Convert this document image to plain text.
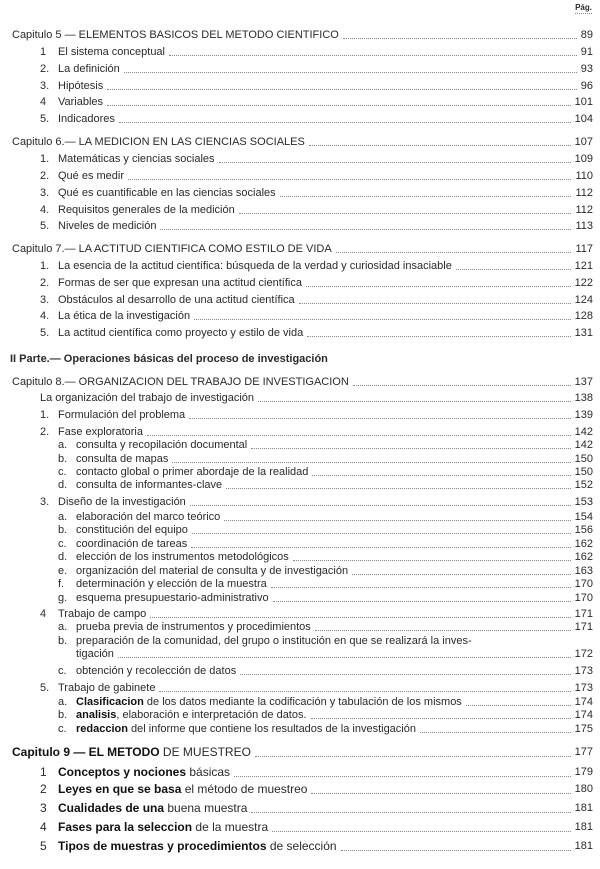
Pág.
Capitulo 5 — ELEMENTOS BASICOS DEL METODO CIENTIFICO	89
1	El sistema conceptual	91
2. La definición	93
3. Hipótesis	96
4	Variables	101
5. Indicadores	104
Capitulo 6.— LA MEDICION EN LAS CIENCIAS SOCIALES	107
1. Matemáticas y ciencias sociales	109
2. Qué es medir	110
3. Qué es cuantificable en las ciencias sociales	112
4. Requisitos generales de la medición	112
5. Niveles de medición	113
Capitulo 7.— LA ACTITUD CIENTIFICA COMO ESTILO DE VIDA	117
1. La esencia de la actitud científica: búsqueda de la verdad y curiosidad insaciable	121
2. Formas de ser que expresan una actitud científica	122
3. Obstáculos al desarrollo de una actitud científica	124
4. La ética de la investigación	128
5. La actitud científica como proyecto y estilo de vida	131
II Parte.— Operaciones básicas del proceso de investigación
Capitulo 8.— ORGANIZACION DEL TRABAJO DE INVESTIGACION	137
La organización del trabajo de investigación	138
1. Formulación del problema	139
2. Fase exploratoria	142
a. consulta y recopilación documental	142
b. consulta de mapas	150
c. contacto global o primer abordaje de la realidad	150
d. consulta de informantes-clave	152
3. Diseño de la investigación	153
a. elaboración del marco teórico	154
b. constitución del equipo	156
c. coordinación de tareas	162
d. elección de los instrumentos metodológicos	162
e. organización del material de consulta y de investigación	163
f.	determinación y elección de la muestra	170
g. esquema presupuestario-administrativo	170
4	Trabajo de campo	171
a. prueba previa de instrumentos y procedimientos	171
b. preparación de la comunidad, del grupo o institución en que se realizará la inves-
tigación	172
c. obtención y recolección de datos	173
5. Trabajo de gabinete	173
a. Clasificacion de los datos mediante la codificación y tabulación de los mismos	174
b. analisis, elaboración e interpretación de datos.	174
c. redaccion del informe que contiene los resultados de la investigación	175
Capitulo 9 — EL METODO DE MUESTREO	177
1 Conceptos y nociones básicas	179
2 Leyes en que se basa el método de muestreo	180
3 Cualidades de una buena muestra	181
4 Fases para la seleccion de la muestra	181
5 Tipos de muestras y procedimientos de selección	181
